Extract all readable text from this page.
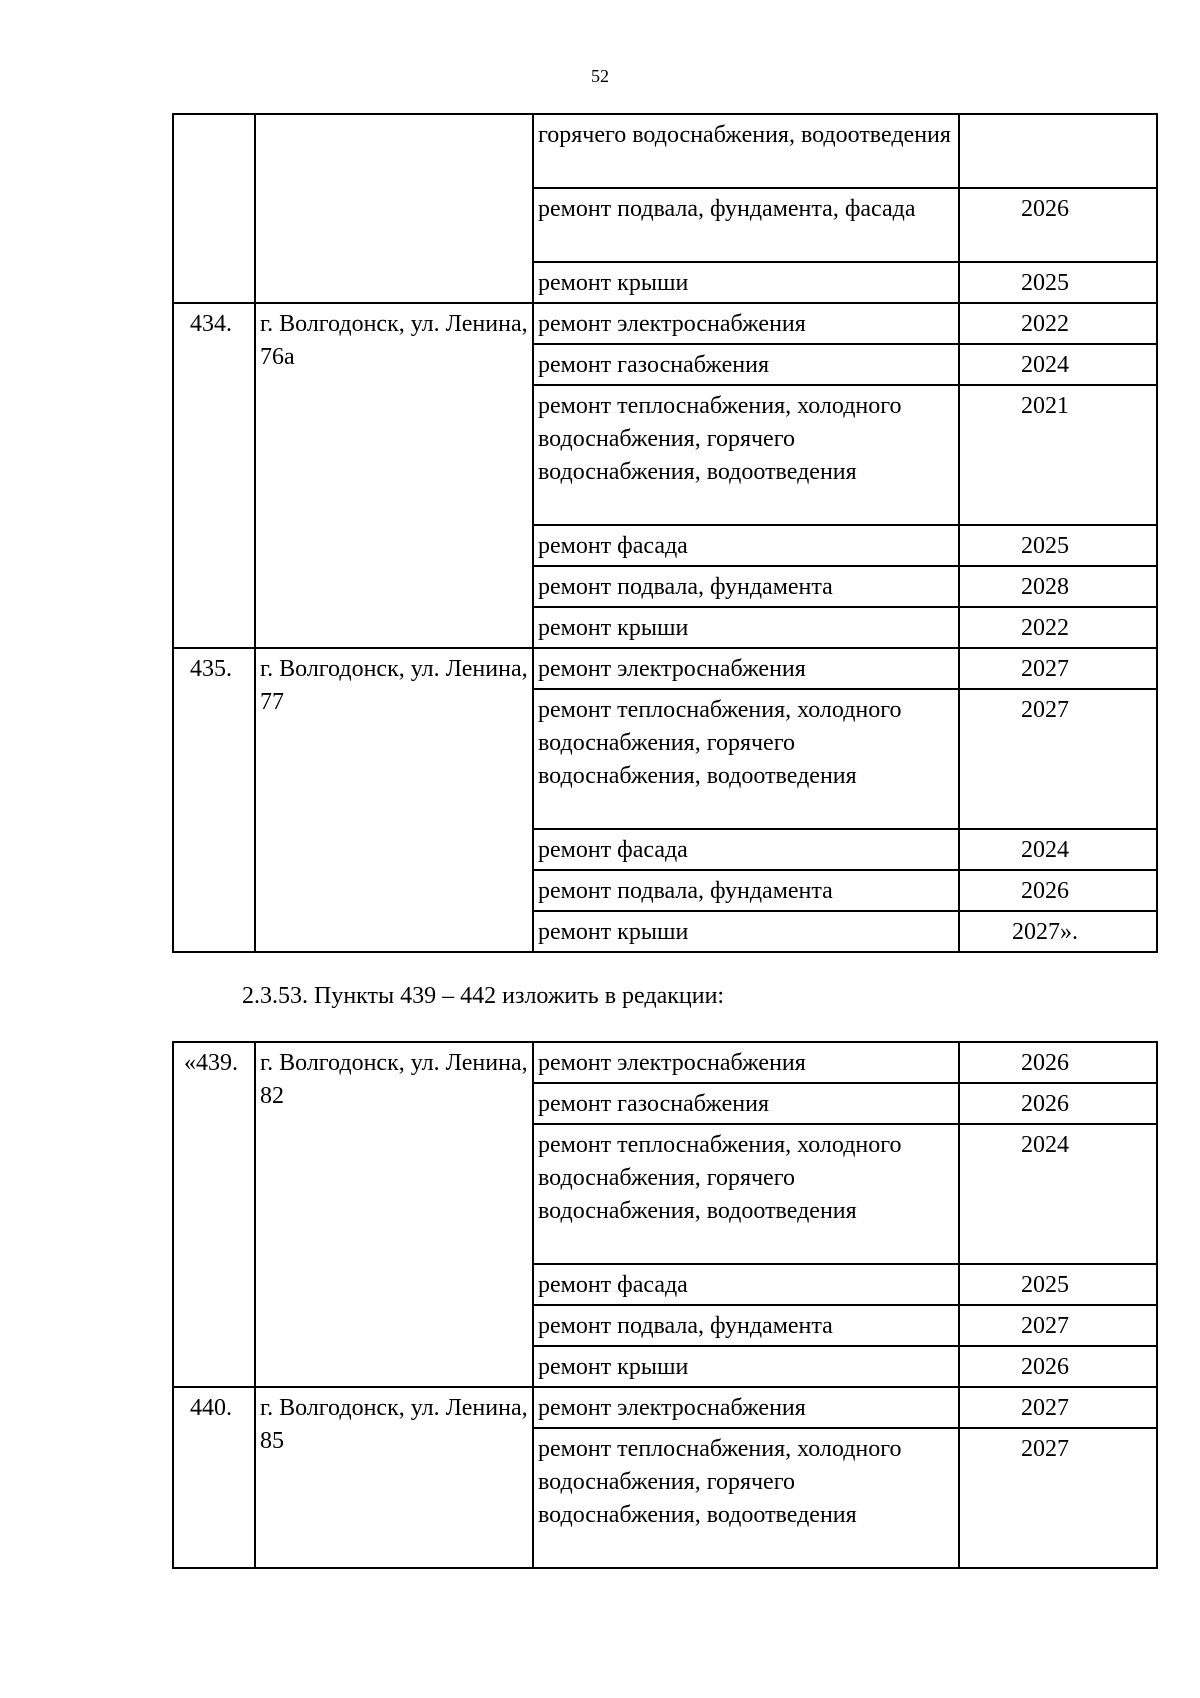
52
		горячего водоснабжения, водоотведения	
		ремонт подвала, фундамента, фасада	2026
		ремонт крыши	2025
434.	г. Волгодонск, ул. Ленина, 76а	ремонт электроснабжения	2022
		ремонт газоснабжения	2024
		ремонт теплоснабжения, холодного водоснабжения, горячего водоснабжения, водоотведения	2021
		ремонт фасада	2025
		ремонт подвала, фундамента	2028
		ремонт крыши	2022
435.	г. Волгодонск, ул. Ленина, 77	ремонт электроснабжения	2027
		ремонт теплоснабжения, холодного водоснабжения, горячего водоснабжения, водоотведения	2027
		ремонт фасада	2024
		ремонт подвала, фундамента	2026
		ремонт крыши	2027».
2.3.53. Пункты 439 – 442 изложить в редакции:
«439.	г. Волгодонск, ул. Ленина, 82	ремонт электроснабжения	2026
		ремонт газоснабжения	2026
		ремонт теплоснабжения, холодного водоснабжения, горячего водоснабжения, водоотведения	2024
		ремонт фасада	2025
		ремонт подвала, фундамента	2027
		ремонт крыши	2026
440.	г. Волгодонск, ул. Ленина, 85	ремонт электроснабжения	2027
		ремонт теплоснабжения, холодного водоснабжения, горячего водоснабжения, водоотведения	2027
